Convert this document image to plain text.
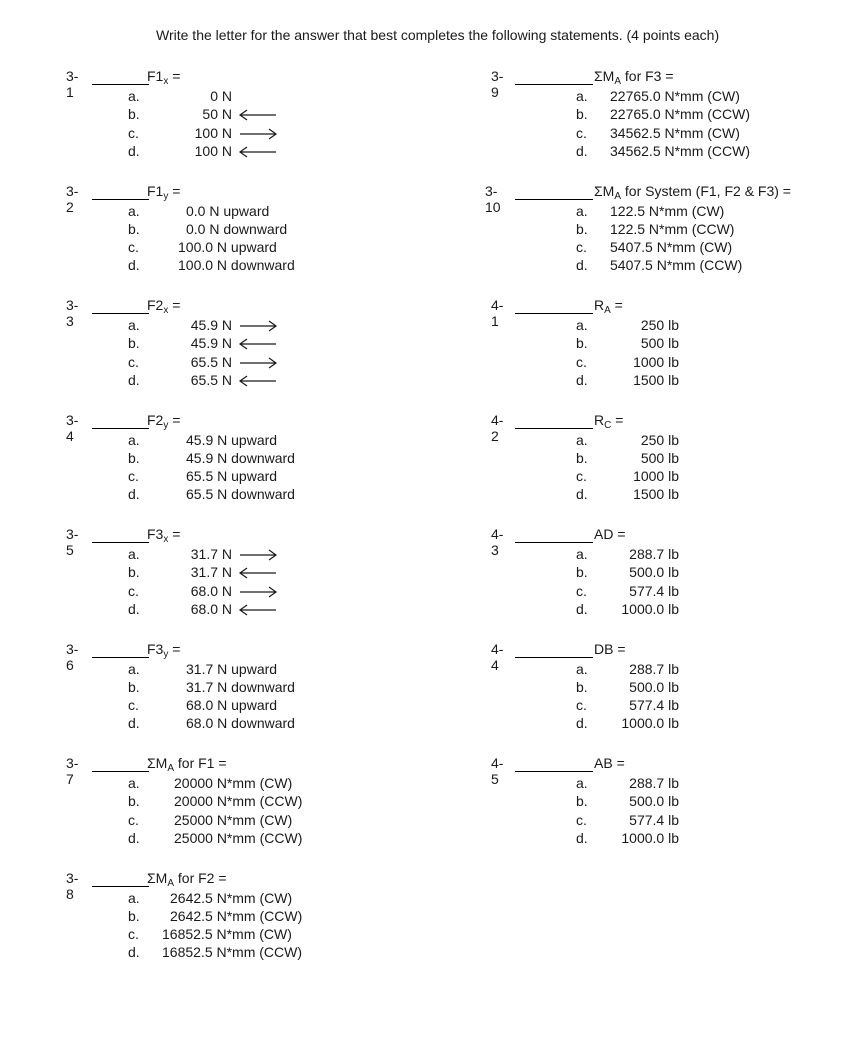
Write the letter for the answer that best completes the following statements. (4 points each)
3-1
$F1_x$ =
a.	0 N
b.	50 N
c.	100 N
d.	100 N
3-2
$F1_y$ =
a.	0.0 N upward
b.	0.0 N downward
c.	100.0 N upward
d.	100.0 N downward
3-3
$F2_x$ =
a.	45.9 N
b.	45.9 N
c.	65.5 N
d.	65.5 N
3-4
$F2_y$ =
a.	45.9 N upward
b.	45.9 N downward
c.	65.5 N upward
d.	65.5 N downward
3-5
$F3_x$ =
a.	31.7 N
b.	31.7 N
c.	68.0 N
d.	68.0 N
3-6
$F3_y$ =
a.	31.7 N upward
b.	31.7 N downward
c.	68.0 N upward
d.	68.0 N downward
3-7
$\Sigma M_A$ for F1 =
a. 20000 N*mm (CW)
b. 20000 N*mm (CCW)
c.	25000 N*mm (CW)
d. 25000 N*mm (CCW)
3-8
$\Sigma M_A$ for F2 =
a. 2642.5 N*mm (CW)
b. 2642.5 N*mm (CCW)
c. 16852.5 N*mm (CW)
d. 16852.5 N*mm (CCW)
3-9
$\Sigma M_A$ for F3 =
a. 22765.0 N*mm (CW)
b. 22765.0 N*mm (CCW)
c. 34562.5 N*mm (CW)
d. 34562.5 N*mm (CCW)
3-10
$\Sigma M_A$ for System (F1, F2 & F3) =
a. 122.5 N*mm (CW)
b. 122.5 N*mm (CCW)
c. 5407.5 N*mm (CW)
d. 5407.5 N*mm (CCW)
4-1
$R_A$ =
a.	250 lb
b.	500 lb
c.	1000 lb
d.	1500 lb
4-2
$R_C$ =
a.	250 lb
b.	500 lb
c.	1000 lb
d.	1500 lb
4-3
AD =
a.	288.7 lb
b.	500.0 lb
c.	577.4 lb
d. 1000.0 lb
4-4
DB =
a.	288.7 lb
b.	500.0 lb
c.	577.4 lb
d. 1000.0 lb
4-5
AB =
a.	288.7 lb
b.	500.0 lb
c.	577.4 lb
d. 1000.0 lb
